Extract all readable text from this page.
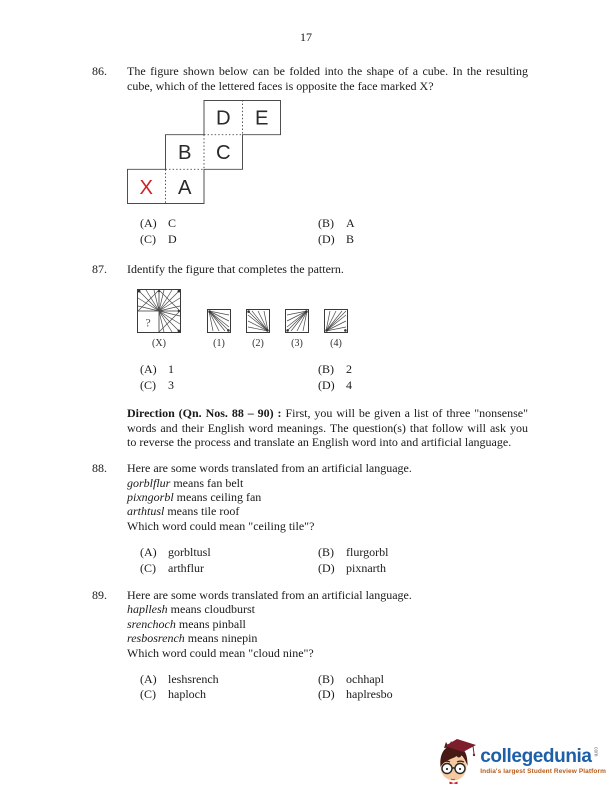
17
86.	The figure shown below can be folded into the shape of a cube. In the resulting cube, which of the lettered faces is opposite the face marked X?

D E
B C
X A
(A) C	(B)	A
(C)	D	(D) B
87.	Identify the figure that completes the pattern.

?
(X)	(1)	(2)	(3)	(4)
(A) 1	(B)	2
(C)	3	(D) 4

Direction (Qn. Nos. 88 – 90) : First, you will be given a list of three "nonsense" words and their English word meanings. The question(s) that follow will ask you to reverse the process and translate an English word into and artificial language.

88.	Here are some words translated from an artificial language.
gorblflur means fan belt
pixngorbl means ceiling fan
arthtusl means tile roof
Which word could mean "ceiling tile"?
(A) gorbltusl	(B)	flurgorbl
(C)	arthflur	(D) pixnarth
89.	Here are some words translated from an artificial language.
hapllesh means cloudburst
srenchoch means pinball
resbosrench means ninepin
Which word could mean "cloud nine"?
(A) leshsrench	(B)	ochhapl
(C)	haploch	(D) haplresbo
collegedunia com
India's largest Student Review Platform
